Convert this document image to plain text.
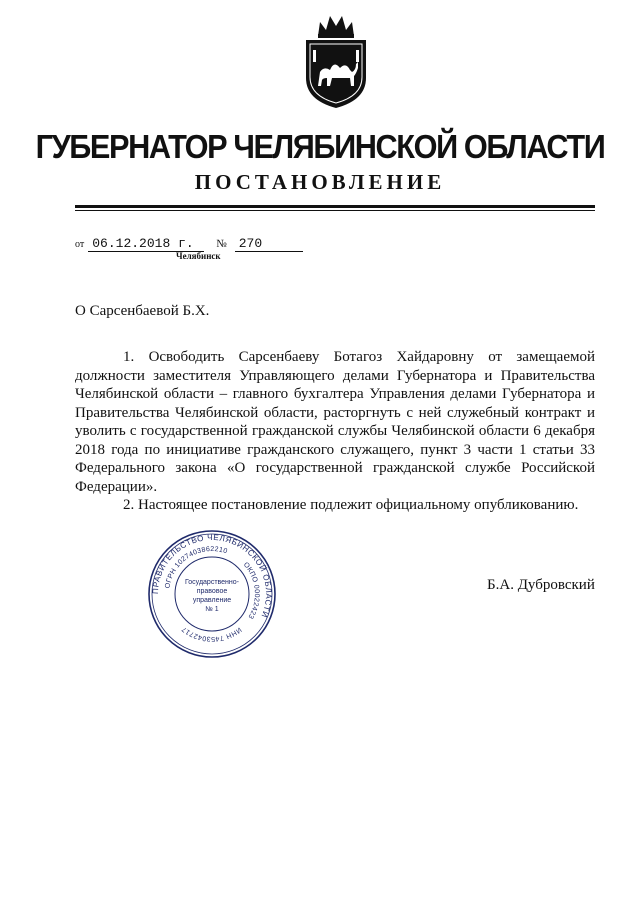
ГУБЕРНАТОР ЧЕЛЯБИНСКОЙ ОБЛАСТИ
ПОСТАНОВЛЕНИЕ
от 06.12.2018 г.	№ 270
Челябинск
О Сарсенбаевой Б.Х.

1. Освободить Сарсенбаеву Ботагоз Хайдаровну от замещаемой должности заместителя Управляющего делами Губернатора и Правительства Челябинской области – главного бухгалтера Управления делами Губернатора и Правительства Челябинской области, расторгнуть с ней служебный контракт и уволить с государственной гражданской службы Челябинской области 6 декабря 2018 года по инициативе гражданского служащего, пункт 3 части 1 статьи 33 Федерального закона «О государственной гражданской службе Российской Федерации».

2. Настоящее постановление подлежит официальному опубликованию.

ПРАВИТЕЛЬСТВО ЧЕЛЯБИНСКОЙ ОБЛАСТИ
ОГРН 1027403862210
ОКПО 00022423
ИНН 7453042717
Государственно-
правовое
управление
№ 1
Б.А. Дубровский
